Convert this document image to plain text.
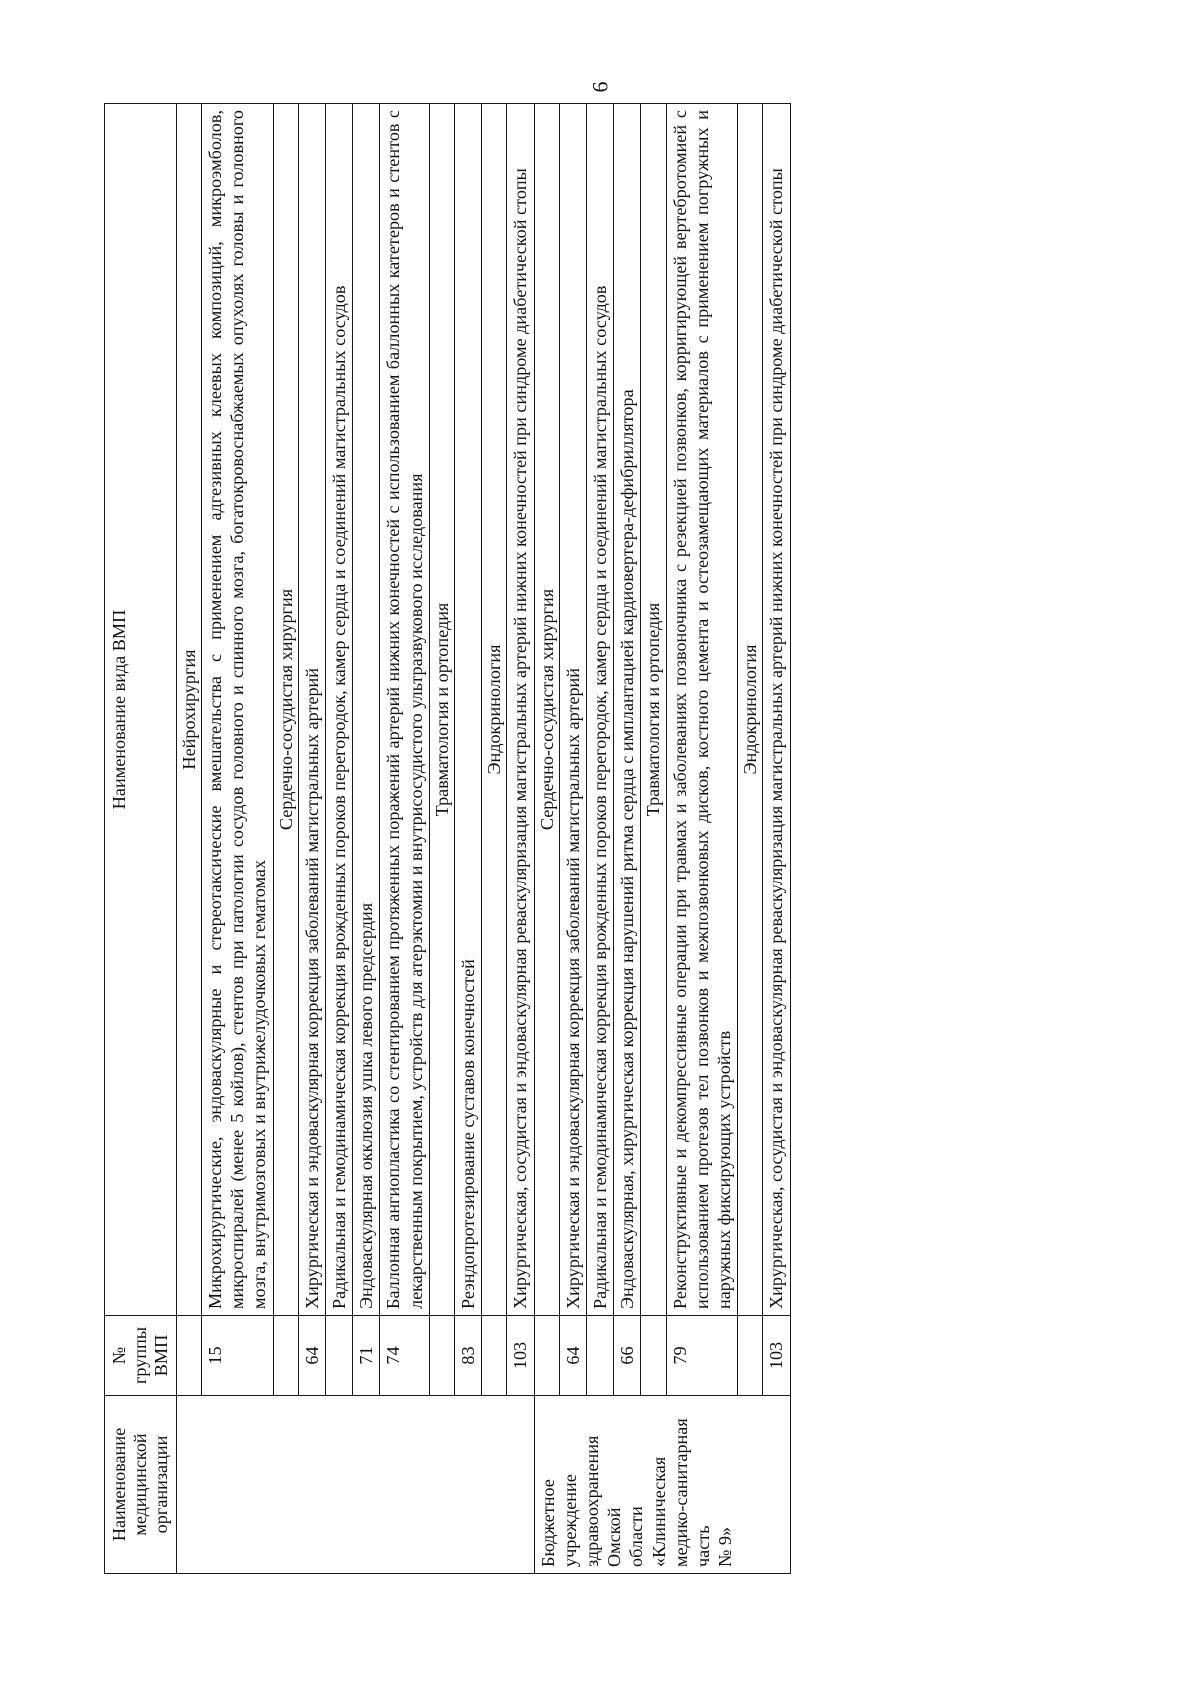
6
Наименование медицинской организации	№ группы ВМП	Наименование вида ВМП
		Нейрохирургия
	15	Микрохирургические, эндоваскулярные и стереотаксические вмешательства с применением адгезивных клеевых композиций, микроэмболов, микроспиралей (менее 5 койлов), стентов при патологии сосудов головного и спинного мозга, богатокровоснабжаемых опухолях головы и головного мозга, внутримозговых и внутрижелудочковых гематомах
		Сердечно-сосудистая хирургия
	64	Хирургическая и эндоваскулярная коррекция заболеваний магистральных артерий
		Радикальная и гемодинамическая коррекция врожденных пороков перегородок, камер сердца и соединений магистральных сосудов
	71	Эндоваскулярная окклюзия ушка левого предсердия
	74	Баллонная ангиопластика со стентированием протяженных поражений артерий нижних конечностей с использованием баллонных катетеров и стентов с лекарственным покрытием, устройств для атерэктомии и внутрисосудистого ультразвукового исследования
		Травматология и ортопедия
	83	Реэндопротезирование суставов конечностей
		Эндокринология
	103	Хирургическая, сосудистая и эндоваскулярная реваскуляризация магистральных артерий нижних конечностей при синдроме диабетической стопы

Бюджетное учреждение здравоохранения Омской области «Клиническая медико-санитарная часть № 9»		Сердечно-сосудистая хирургия
	64	Хирургическая и эндоваскулярная коррекция заболеваний магистральных артерий
		Радикальная и гемодинамическая коррекция врожденных пороков перегородок, камер сердца и соединений магистральных сосудов
	66	Эндоваскулярная, хирургическая коррекция нарушений ритма сердца с имплантацией кардиовертера-дефибриллятора
		Травматология и ортопедия
	79	Реконструктивные и декомпрессивные операции при травмах и заболеваниях позвоночника с резекцией позвонков, корригирующей вертебротомией с использованием протезов тел позвонков и межпозвонковых дисков, костного цемента и остеозамещающих материалов с применением погружных и наружных фиксирующих устройств
		Эндокринология
	103	Хирургическая, сосудистая и эндоваскулярная реваскуляризация магистральных артерий нижних конечностей при синдроме диабетической стопы
